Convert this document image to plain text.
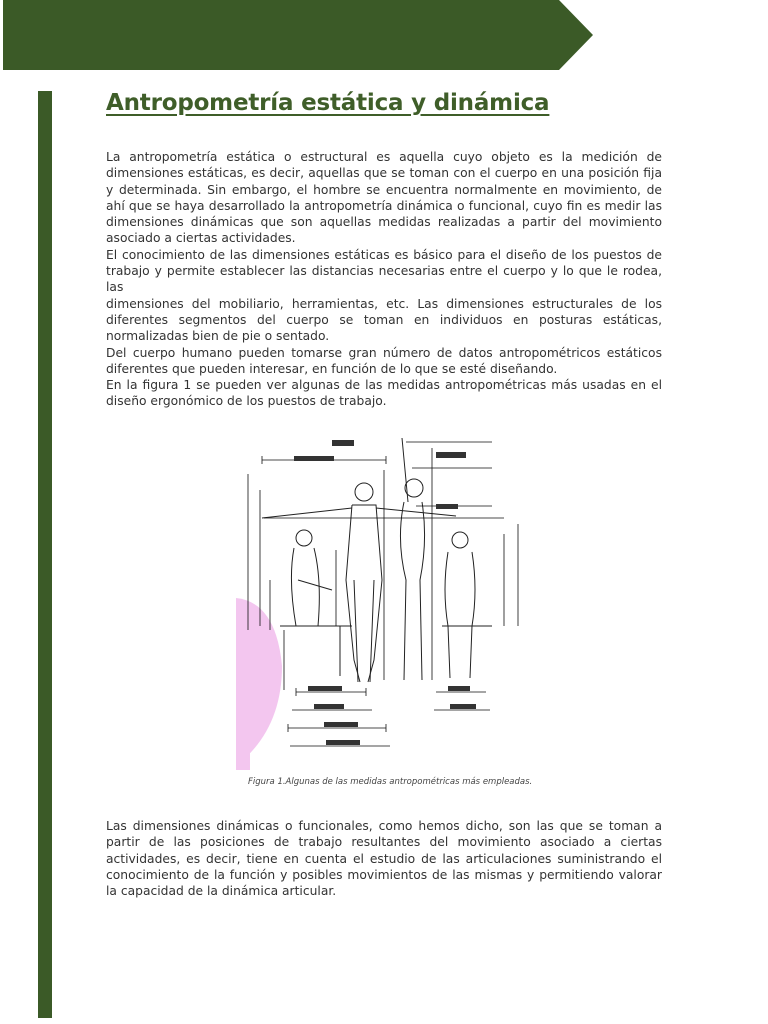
Antropometría estática y dinámica

La antropometría estática o estructural es aquella cuyo objeto es la medición de dimensiones estáticas, es decir, aquellas que se toman con el cuerpo en una posición fija y determinada. Sin embargo, el hombre se encuentra normalmente en movimiento, de ahí que se haya desarrollado la antropometría dinámica o funcional, cuyo fin es medir las dimensiones dinámicas que son aquellas medidas realizadas a partir del movimiento asociado a ciertas actividades.

El conocimiento de las dimensiones estáticas es básico para el diseño de los puestos de trabajo y permite establecer las distancias necesarias entre el cuerpo y lo que le rodea, las

dimensiones del mobiliario, herramientas, etc. Las dimensiones estructurales de los diferentes segmentos del cuerpo se toman en individuos en posturas estáticas, normalizadas bien de pie o sentado.

Del cuerpo humano pueden tomarse gran número de datos antropométricos estáticos diferentes que pueden interesar, en función de lo que se esté diseñando.

En la figura 1 se pueden ver algunas de las medidas antropométricas más usadas en el diseño ergonómico de los puestos de trabajo.

Figura 1.Algunas de las medidas antropométricas más empleadas.

Las dimensiones dinámicas o funcionales, como hemos dicho, son las que se toman a partir de las posiciones de trabajo resultantes del movimiento asociado a ciertas actividades, es decir, tiene en cuenta el estudio de las articulaciones suministrando el conocimiento de la función y posibles movimientos de las mismas y permitiendo valorar la capacidad de la dinámica articular.
